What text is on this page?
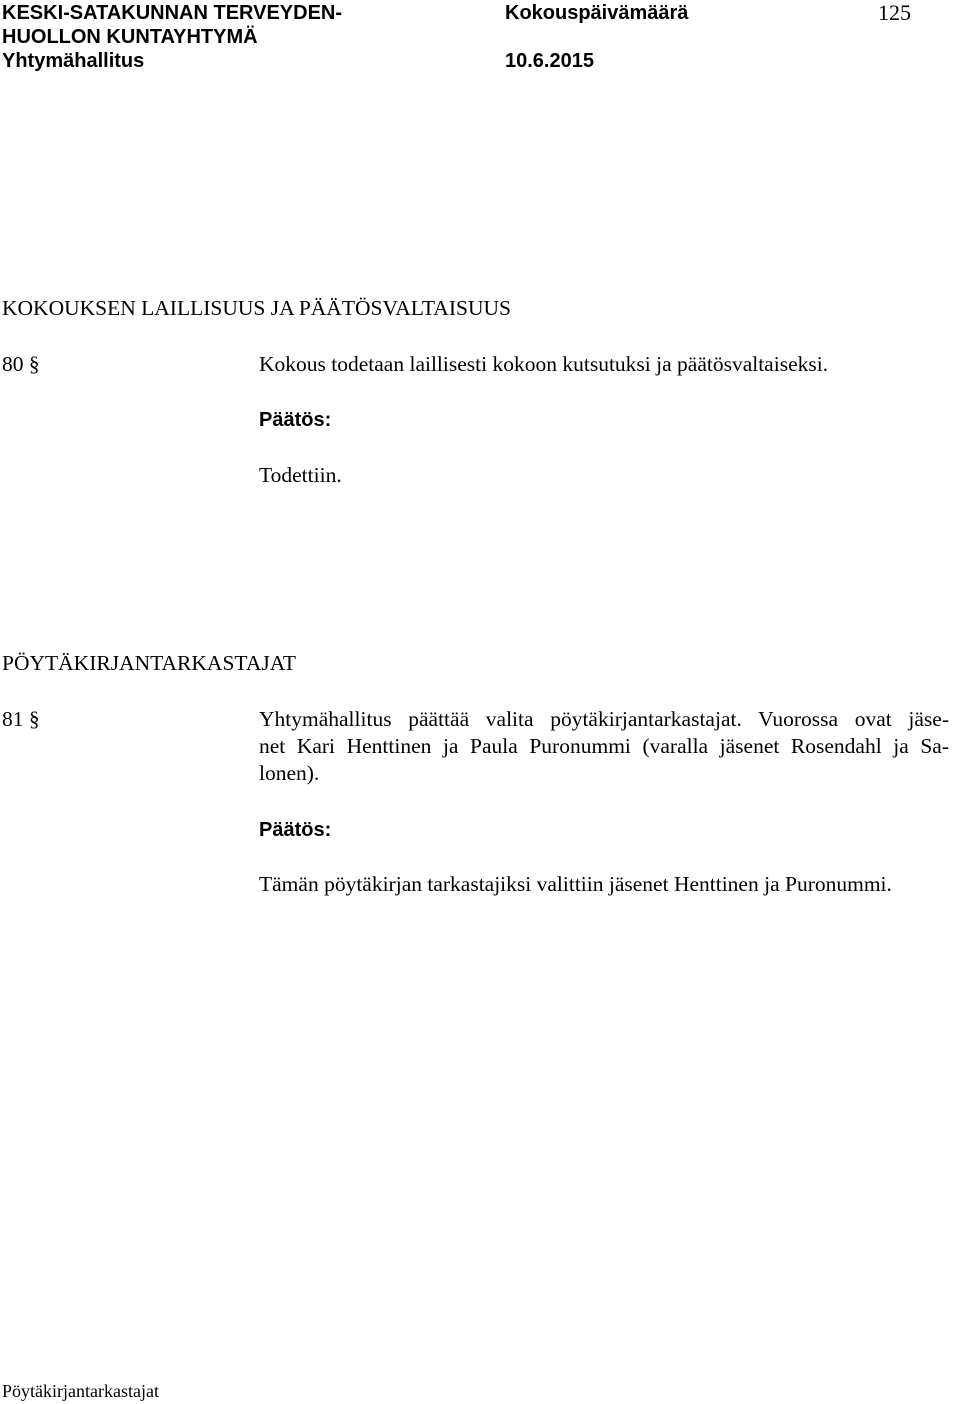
KESKI-SATAKUNNAN TERVEYDEN-
HUOLLON KUNTAYHTYMÄ
Yhtymähallitus
Kokouspäivämäärä
10.6.2015
125
KOKOUKSEN LAILLISUUS JA PÄÄTÖSVALTAISUUS
80 §	Kokous todetaan laillisesti kokoon kutsutuksi ja päätösvaltaiseksi.
Päätös:
Todettiin.
PÖYTÄKIRJANTARKASTAJAT
81 §	Yhtymähallitus päättää valita pöytäkirjantarkastajat. Vuorossa ovat jäse-
net Kari Henttinen ja Paula Puronummi (varalla jäsenet Rosendahl ja Sa-
lonen).
Päätös:
Tämän pöytäkirjan tarkastajiksi valittiin jäsenet Henttinen ja Puronummi.
Pöytäkirjantarkastajat
